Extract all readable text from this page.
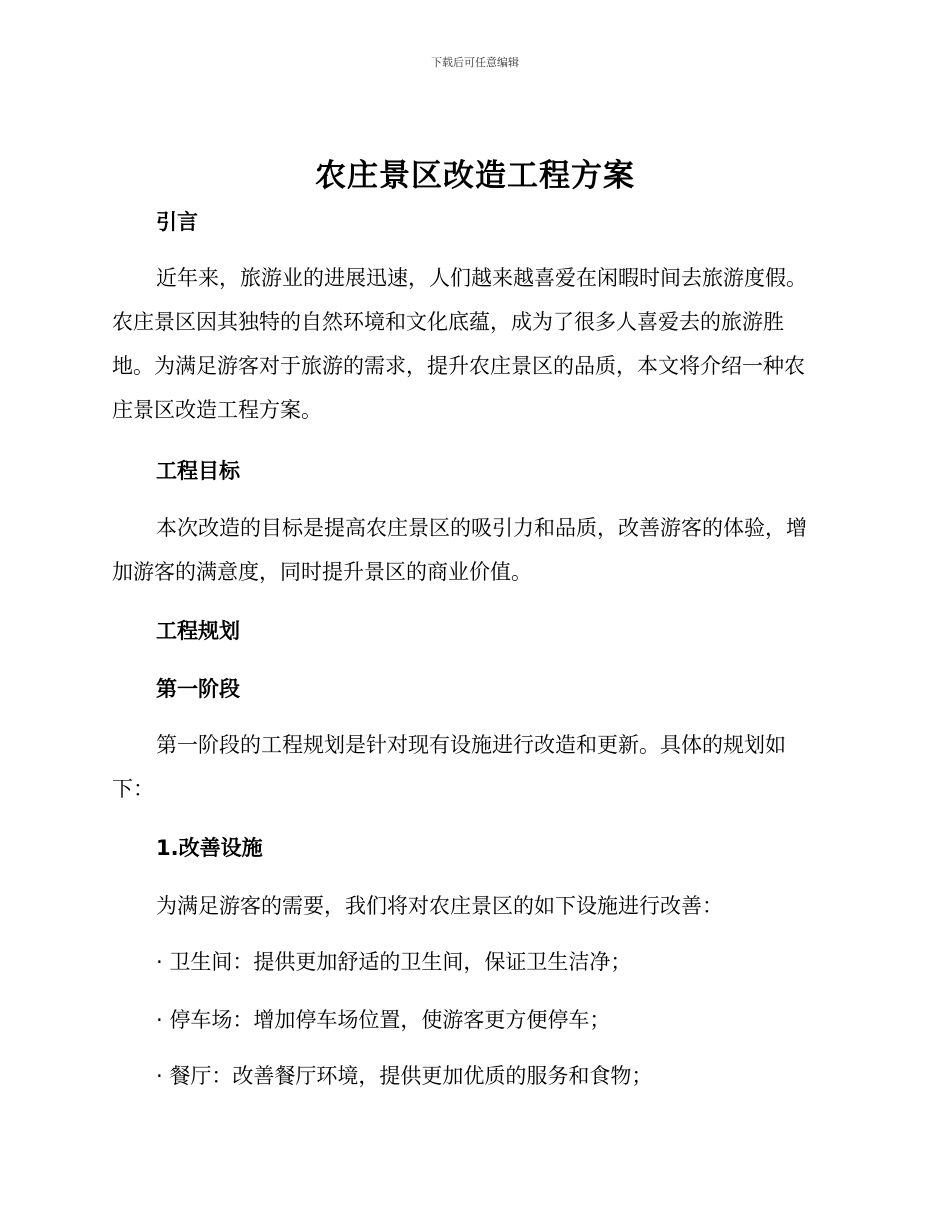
下载后可任意编辑
农庄景区改造工程方案
引言
近年来，旅游业的进展迅速，人们越来越喜爱在闲暇时间去旅游度假。
农庄景区因其独特的自然环境和文化底蕴，成为了很多人喜爱去的旅游胜
地。为满足游客对于旅游的需求，提升农庄景区的品质，本文将介绍一种农
庄景区改造工程方案。
工程目标
本次改造的目标是提高农庄景区的吸引力和品质，改善游客的体验，增
加游客的满意度，同时提升景区的商业价值。
工程规划
第一阶段
第一阶段的工程规划是针对现有设施进行改造和更新。具体的规划如
下：
1.改善设施
为满足游客的需要，我们将对农庄景区的如下设施进行改善：
· 卫生间：提供更加舒适的卫生间，保证卫生洁净；
· 停车场：增加停车场位置，使游客更方便停车；
· 餐厅：改善餐厅环境，提供更加优质的服务和食物；
